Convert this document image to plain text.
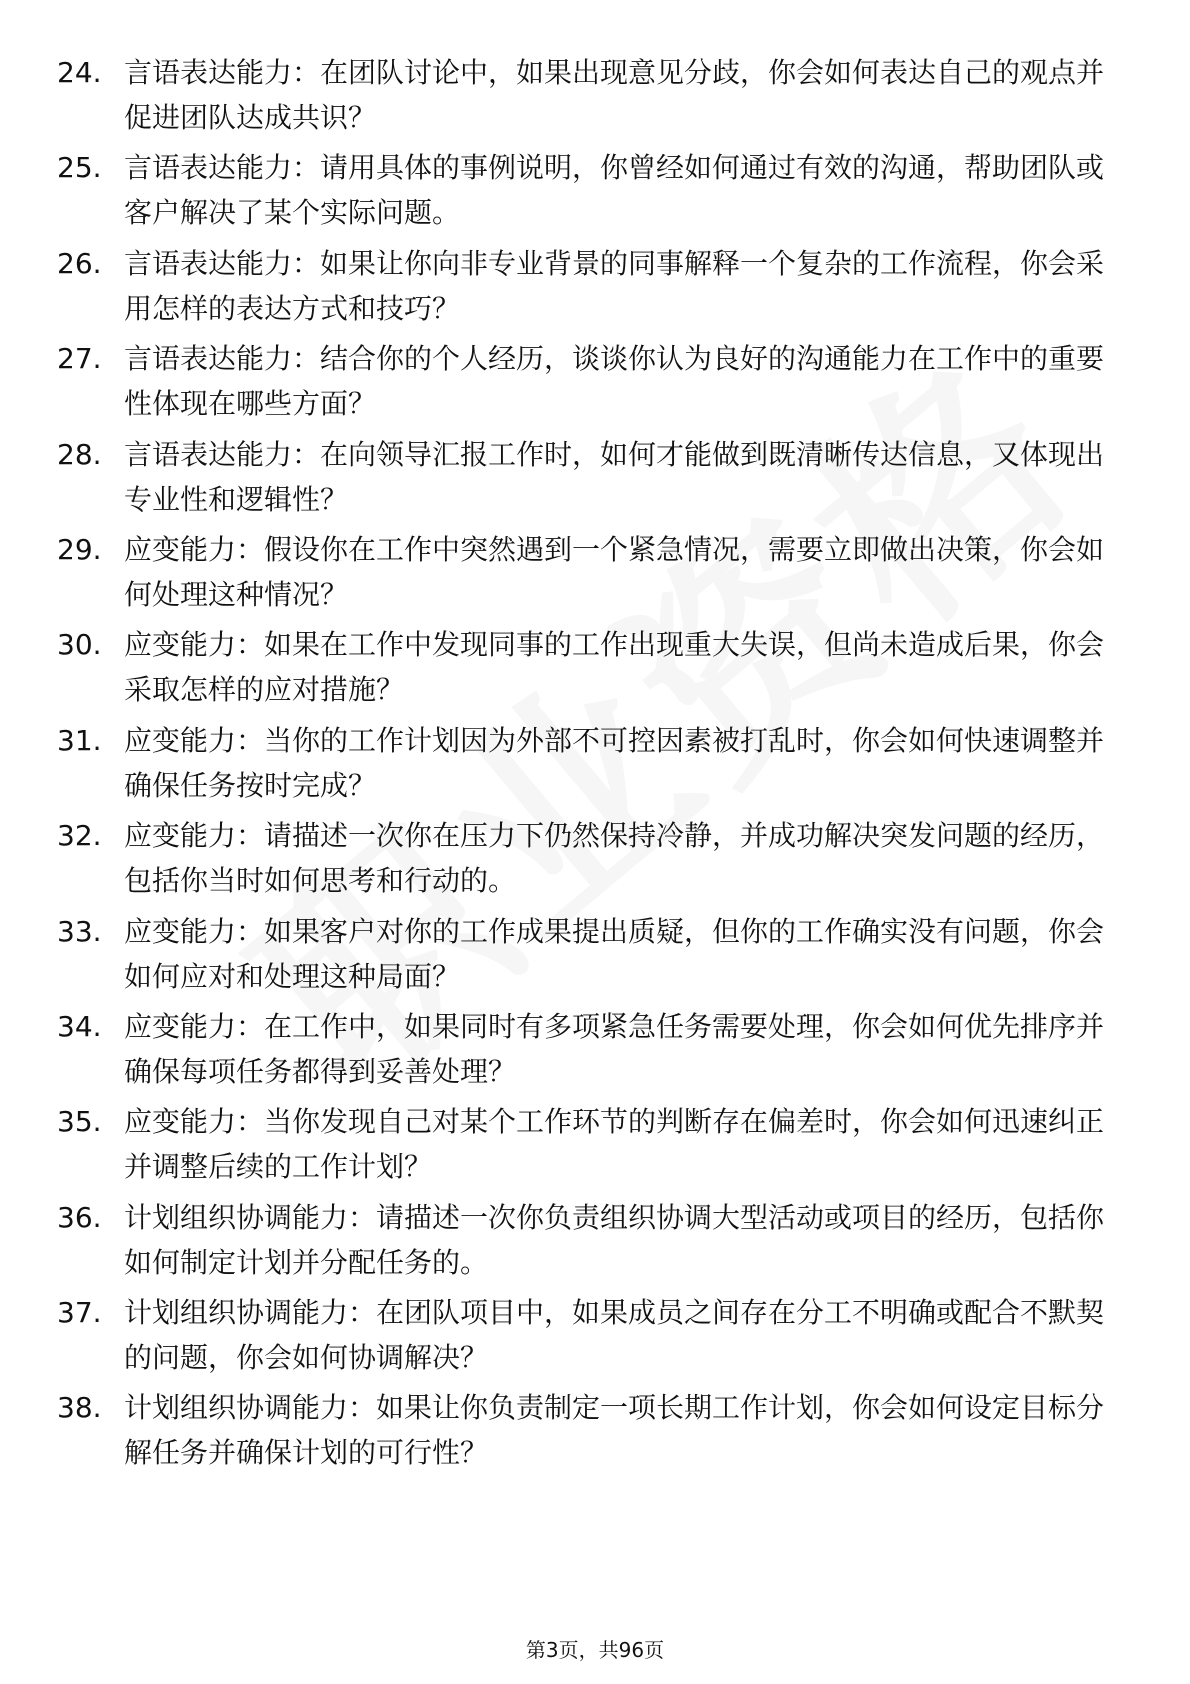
24. 言语表达能力：在团队讨论中，如果出现意见分歧，你会如何表达自己的观点并促进团队达成共识？
25. 言语表达能力：请用具体的事例说明，你曾经如何通过有效的沟通，帮助团队或客户解决了某个实际问题。
26. 言语表达能力：如果让你向非专业背景的同事解释一个复杂的工作流程，你会采用怎样的表达方式和技巧？
27. 言语表达能力：结合你的个人经历，谈谈你认为良好的沟通能力在工作中的重要性体现在哪些方面？
28. 言语表达能力：在向领导汇报工作时，如何才能做到既清晰传达信息，又体现出专业性和逻辑性？
29. 应变能力：假设你在工作中突然遇到一个紧急情况，需要立即做出决策，你会如何处理这种情况？
30. 应变能力：如果在工作中发现同事的工作出现重大失误，但尚未造成后果，你会采取怎样的应对措施？
31. 应变能力：当你的工作计划因为外部不可控因素被打乱时，你会如何快速调整并确保任务按时完成？
32. 应变能力：请描述一次你在压力下仍然保持冷静，并成功解决突发问题的经历，包括你当时如何思考和行动的。
33. 应变能力：如果客户对你的工作成果提出质疑，但你的工作确实没有问题，你会如何应对和处理这种局面？
34. 应变能力：在工作中，如果同时有多项紧急任务需要处理，你会如何优先排序并确保每项任务都得到妥善处理？
35. 应变能力：当你发现自己对某个工作环节的判断存在偏差时，你会如何迅速纠正并调整后续的工作计划？
36. 计划组织协调能力：请描述一次你负责组织协调大型活动或项目的经历，包括你如何制定计划并分配任务的。
37. 计划组织协调能力：在团队项目中，如果成员之间存在分工不明确或配合不默契的问题，你会如何协调解决？
38. 计划组织协调能力：如果让你负责制定一项长期工作计划，你会如何设定目标分解任务并确保计划的可行性？
第3页，共96页
